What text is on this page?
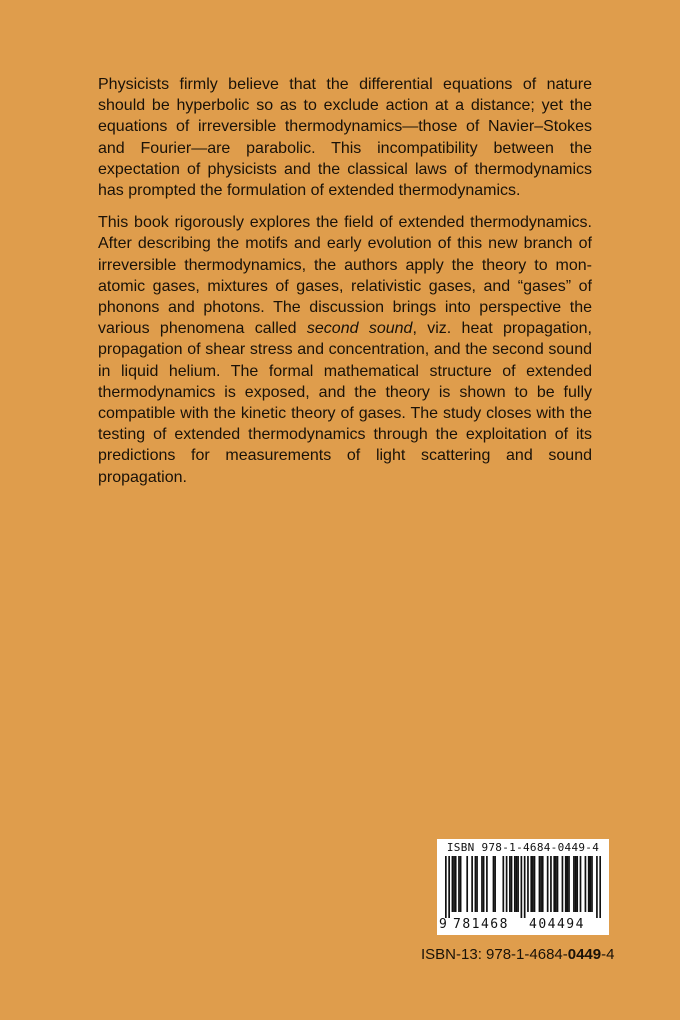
Physicists firmly believe that the differential equations of nature should be hyperbolic so as to exclude action at a distance; yet the equations of irreversible thermodynamics—those of Navier–Stokes and Fourier—are parabolic. This incompatibility between the expectation of physicists and the classical laws of thermodynamics has prompted the formulation of extended thermodynamics.

This book rigorously explores the field of extended thermodynamics. After describing the motifs and early evolution of this new branch of irreversible thermodynamics, the authors apply the theory to mon-atomic gases, mixtures of gases, relativistic gases, and “gases” of phonons and photons. The discussion brings into perspective the various phenomena called second sound, viz. heat propagation, propagation of shear stress and concentration, and the second sound in liquid helium. The formal mathematical structure of extended thermodynamics is exposed, and the theory is shown to be fully compatible with the kinetic theory of gases. The study closes with the testing of extended thermodynamics through the exploitation of its predictions for measurements of light scattering and sound propagation.

ISBN 978-1-4684-0449-4
9 781468 404494
ISBN-13: 978-1-4684-0449-4
